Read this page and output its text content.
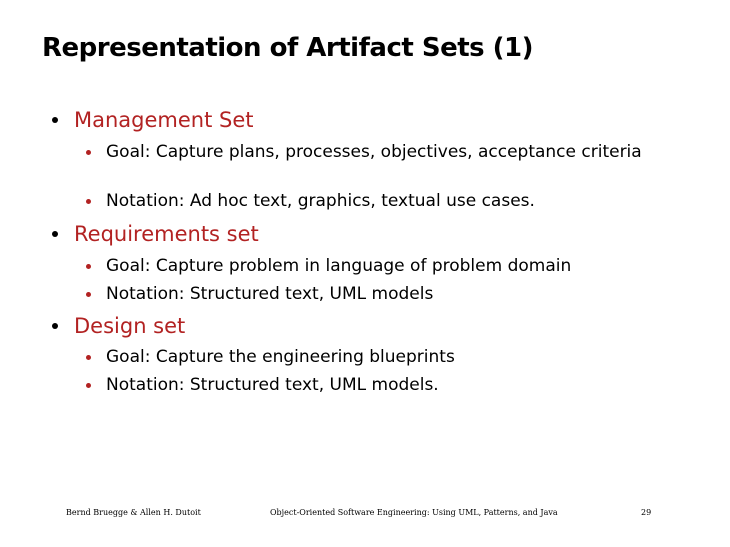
Representation of Artifact Sets (1)
Management Set
Goal: Capture plans, processes, objectives, acceptance criteria
Notation: Ad hoc text, graphics, textual use cases.
Requirements set
Goal: Capture problem in language of problem domain
Notation: Structured text, UML models
Design set
Goal: Capture the engineering blueprints
Notation: Structured text, UML models.
Bernd Bruegge & Allen H. Dutoit	Object-Oriented Software Engineering: Using UML, Patterns, and Java	29
